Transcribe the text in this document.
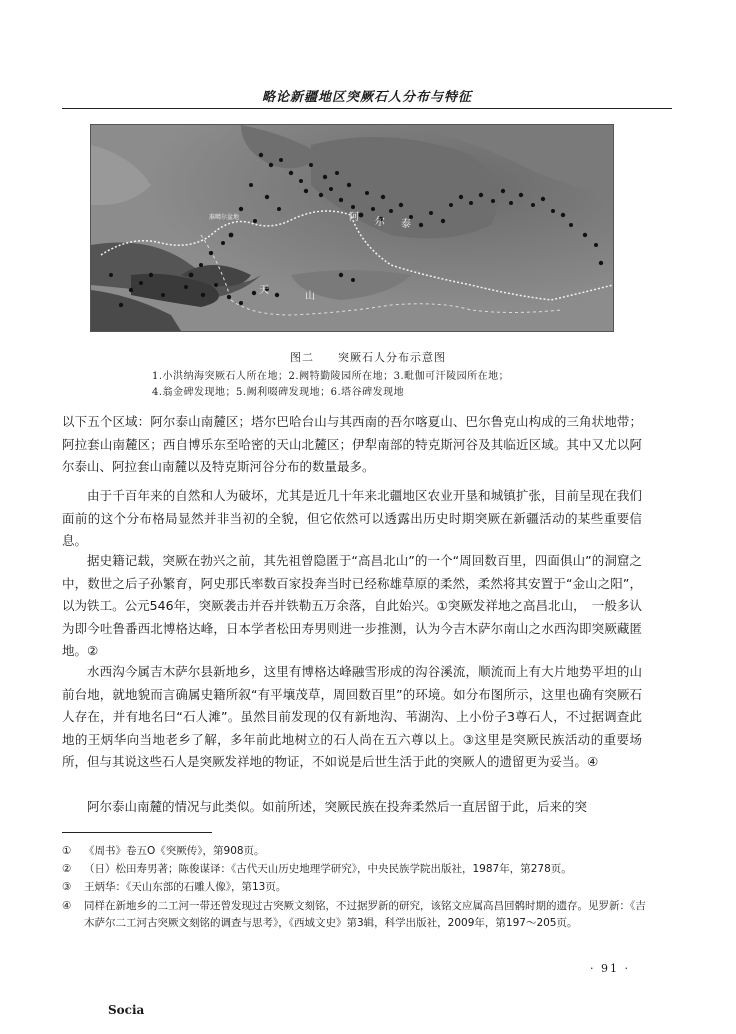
略论新疆地区突厥石人分布与特征
准噶尔盆地
天
山
阿 尔 泰
图二　　突厥石人分布示意图
1.小洪纳海突厥石人所在地；2.阙特勤陵园所在地；3.毗伽可汗陵园所在地；
4.翁金碑发现地；5.阙利啜碑发现地；6.塔谷碑发现地
以下五个区域：阿尔泰山南麓区；塔尔巴哈台山与其西南的吾尔喀夏山、巴尔鲁克山构成的三角状地带；阿拉套山南麓区；西自博乐东至哈密的天山北麓区；伊犁南部的特克斯河谷及其临近区域。其中又尤以阿尔泰山、阿拉套山南麓以及特克斯河谷分布的数量最多。
由于千百年来的自然和人为破坏，尤其是近几十年来北疆地区农业开垦和城镇扩张，目前呈现在我们面前的这个分布格局显然并非当初的全貌，但它依然可以透露出历史时期突厥在新疆活动的某些重要信息。
据史籍记载，突厥在勃兴之前，其先祖曾隐匿于“高昌北山”的一个“周回数百里，四面俱山”的洞窟之中，数世之后子孙繁育，阿史那氏率数百家投奔当时已经称雄草原的柔然，柔然将其安置于“金山之阳”，以为铁工。公元546年，突厥袭击并吞并铁勒五万余落，自此始兴。①突厥发祥地之高昌北山，　一般多认为即今吐鲁番西北博格达峰，日本学者松田寿男则进一步推测，认为今吉木萨尔南山之水西沟即突厥藏匿地。②
水西沟今属吉木萨尔县新地乡，这里有博格达峰融雪形成的沟谷溪流，顺流而上有大片地势平坦的山前台地，就地貌而言确属史籍所叙“有平壤茂草，周回数百里”的环境。如分布图所示，这里也确有突厥石人存在，并有地名曰“石人滩”。虽然目前发现的仅有新地沟、苇湖沟、上小份子3尊石人，不过据调查此地的王炳华向当地老乡了解，多年前此地树立的石人尚在五六尊以上。③这里是突厥民族活动的重要场所，但与其说这些石人是突厥发祥地的物证，不如说是后世生活于此的突厥人的遗留更为妥当。④
阿尔泰山南麓的情况与此类似。如前所述，突厥民族在投奔柔然后一直居留于此，后来的突
① 《周书》卷五O《突厥传》，第908页。
② （日）松田寿男著；陈俊谋译：《古代天山历史地理学研究》，中央民族学院出版社，1987年，第278页。
③ 王炳华：《天山东部的石雕人像》，第13页。
④ 同样在新地乡的二工河一带还曾发现过古突厥文刻铭，不过据罗新的研究，该铭文应属高昌回鹘时期的遗存。见罗新：《吉木萨尔二工河古突厥文刻铭的调查与思考》，《西域文史》第3辑，科学出版社，2009年，第197～205页。
· 91 ·
Socia
